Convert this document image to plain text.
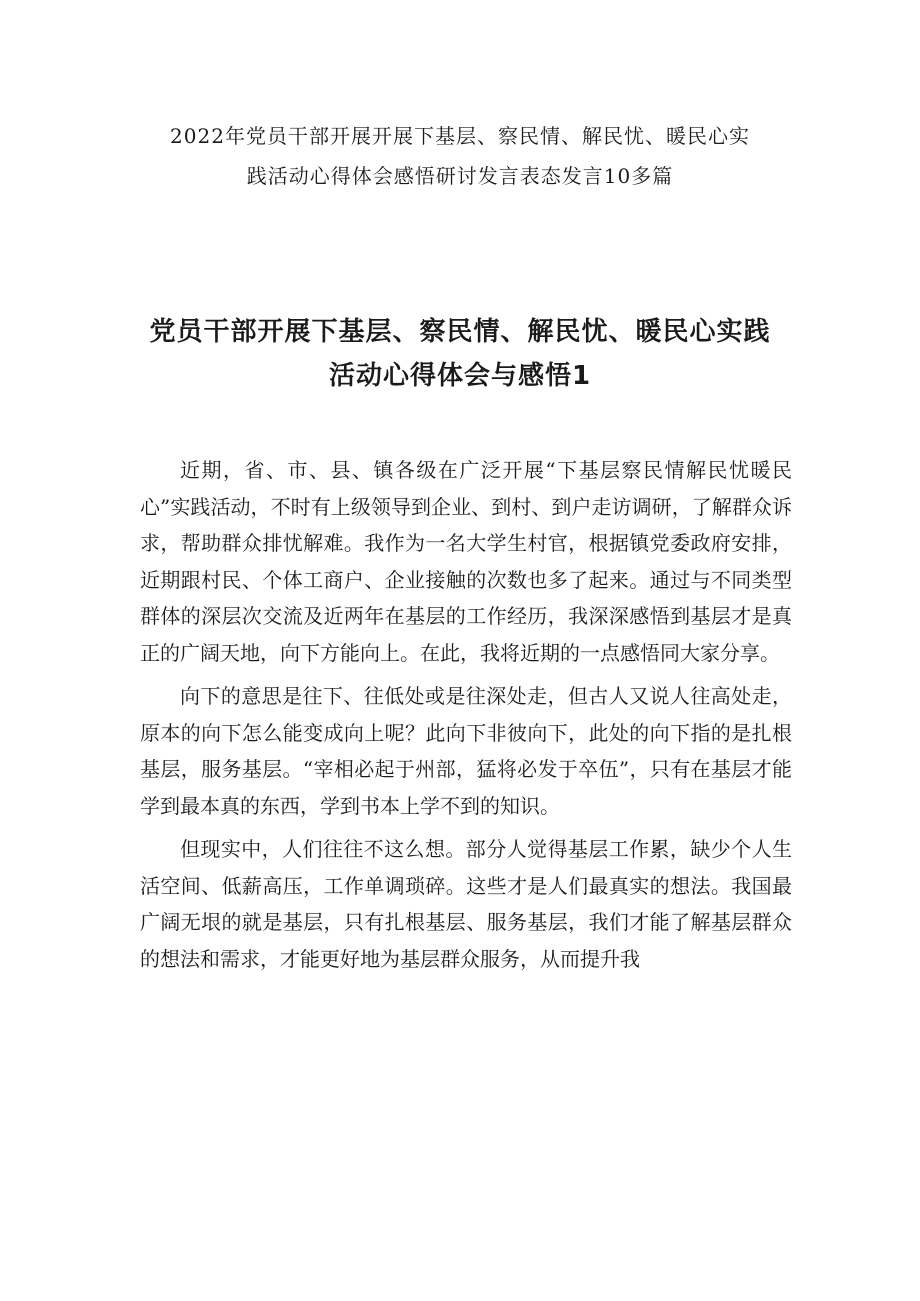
2022年党员干部开展开展下基层、察民情、解民忧、暖民心实
践活动心得体会感悟研讨发言表态发言10多篇
党员干部开展下基层、察民情、解民忧、暖民心实践
活动心得体会与感悟1

近期，省、市、县、镇各级在广泛开展“下基层察民情解民忧暖民心”实践活动，不时有上级领导到企业、到村、到户走访调研，了解群众诉求，帮助群众排忧解难。我作为一名大学生村官，根据镇党委政府安排，近期跟村民、个体工商户、企业接触的次数也多了起来。通过与不同类型群体的深层次交流及近两年在基层的工作经历，我深深感悟到基层才是真正的广阔天地，向下方能向上。在此，我将近期的一点感悟同大家分享。

向下的意思是往下、往低处或是往深处走，但古人又说人往高处走，原本的向下怎么能变成向上呢？此向下非彼向下，此处的向下指的是扎根基层，服务基层。“宰相必起于州部，猛将必发于卒伍”，只有在基层才能学到最本真的东西，学到书本上学不到的知识。

但现实中，人们往往不这么想。部分人觉得基层工作累，缺少个人生活空间、低薪高压，工作单调琐碎。这些才是人们最真实的想法。我国最广阔无垠的就是基层，只有扎根基层、服务基层，我们才能了解基层群众的想法和需求，才能更好地为基层群众服务，从而提升我
